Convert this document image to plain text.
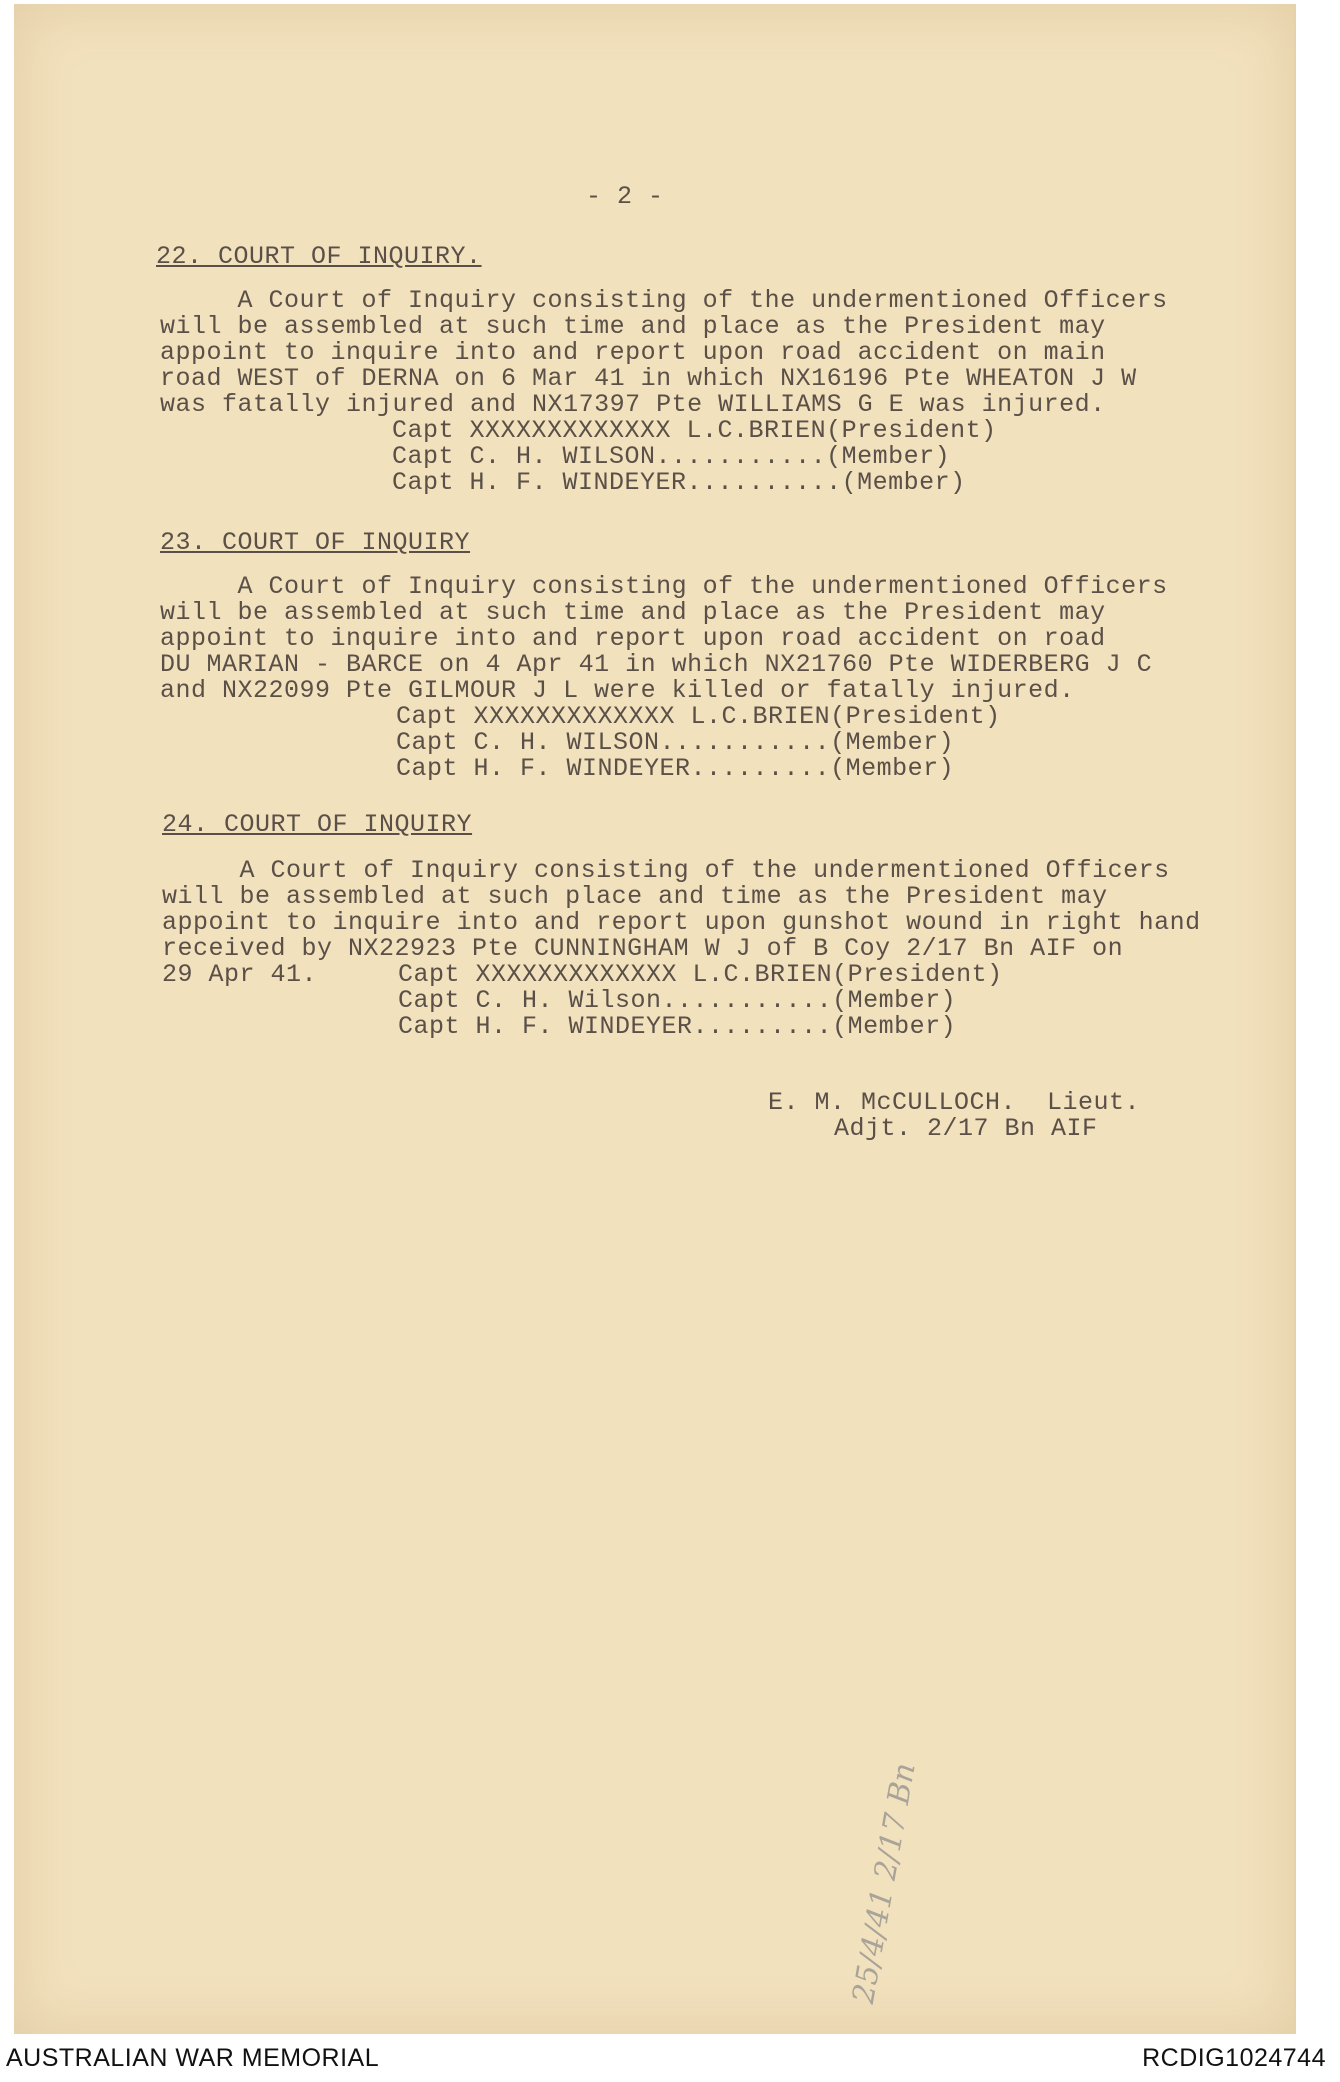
- 2 -
22. COURT OF INQUIRY.
A Court of Inquiry consisting of the undermentioned Officers
will be assembled at such time and place as the President may
appoint to inquire into and report upon road accident on main
road WEST of DERNA on 6 Mar 41 in which NX16196 Pte WHEATON J W
was fatally injured and NX17397 Pte WILLIAMS G E was injured.
Capt XXXXXXXXXXXXX L.C.BRIEN(President)
Capt C. H. WILSON...........(Member)
Capt H. F. WINDEYER..........(Member)
23. COURT OF INQUIRY
A Court of Inquiry consisting of the undermentioned Officers
will be assembled at such time and place as the President may
appoint to inquire into and report upon road accident on road
DU MARIAN - BARCE on 4 Apr 41 in which NX21760 Pte WIDERBERG J C
and NX22099 Pte GILMOUR J L were killed or fatally injured.
Capt XXXXXXXXXXXXX L.C.BRIEN(President)
Capt C. H. WILSON...........(Member)
Capt H. F. WINDEYER.........(Member)
24. COURT OF INQUIRY
A Court of Inquiry consisting of the undermentioned Officers
will be assembled at such place and time as the President may
appoint to inquire into and report upon gunshot wound in right hand
received by NX22923 Pte CUNNINGHAM W J of B Coy 2/17 Bn AIF on
29 Apr 41.	Capt XXXXXXXXXXXXX L.C.BRIEN(President)
Capt C. H. Wilson...........(Member)
Capt H. F. WINDEYER.........(Member)
E. M. McCULLOCH.  Lieut.
Adjt. 2/17 Bn AIF
25/4/41 2/17 Bn
AUSTRALIAN WAR MEMORIAL	RCDIG1024744
